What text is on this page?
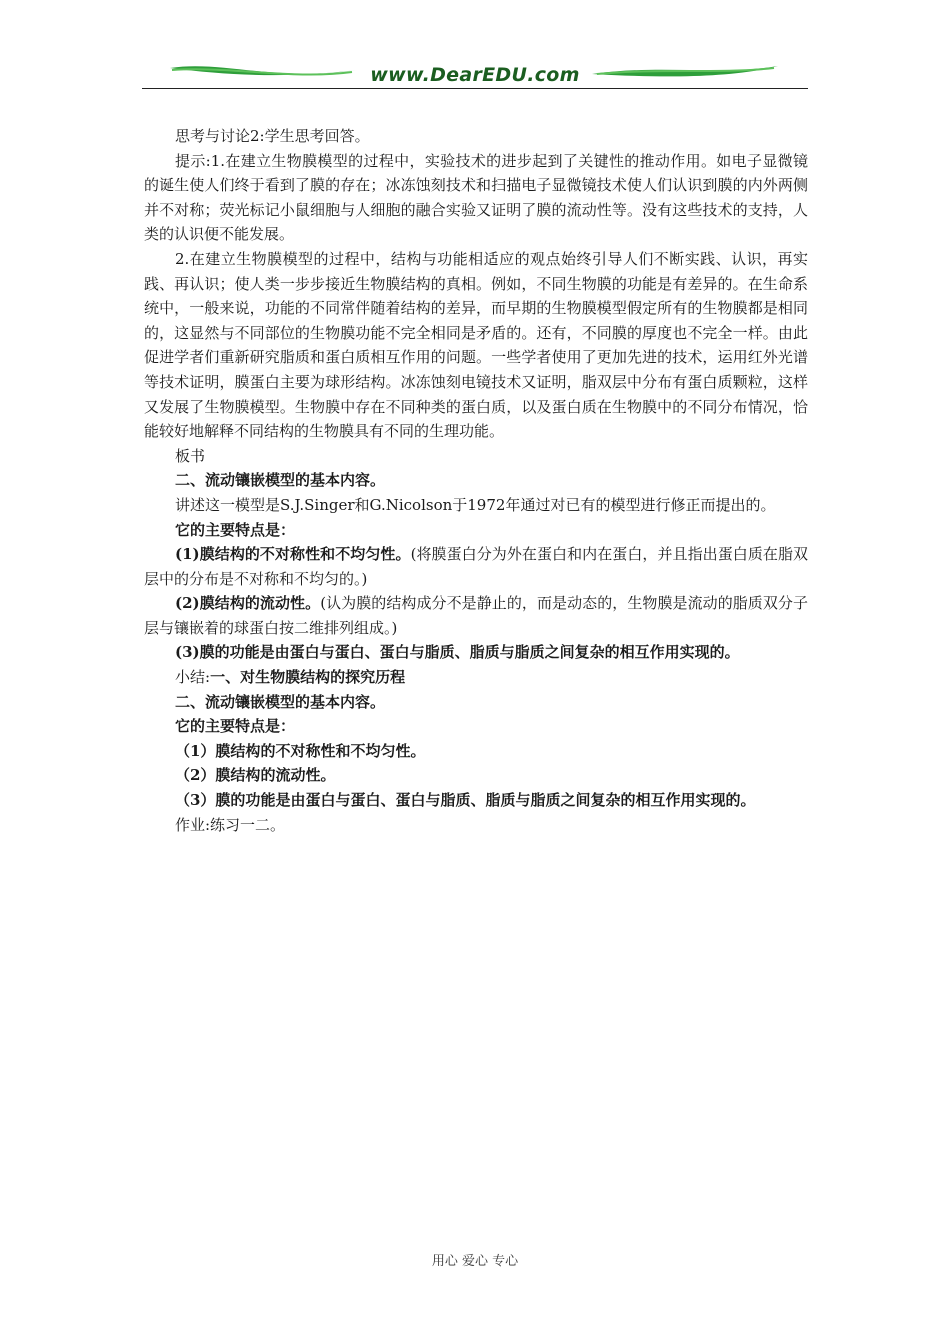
www.DearEDU.com

思考与讨论2:学生思考回答。

提示:1.在建立生物膜模型的过程中，实验技术的进步起到了关键性的推动作用。如电子显微镜的诞生使人们终于看到了膜的存在；冰冻蚀刻技术和扫描电子显微镜技术使人们认识到膜的内外两侧并不对称；荧光标记小鼠细胞与人细胞的融合实验又证明了膜的流动性等。没有这些技术的支持，人类的认识便不能发展。

2.在建立生物膜模型的过程中，结构与功能相适应的观点始终引导人们不断实践、认识，再实践、再认识；使人类一步步接近生物膜结构的真相。例如，不同生物膜的功能是有差异的。在生命系统中，一般来说，功能的不同常伴随着结构的差异，而早期的生物膜模型假定所有的生物膜都是相同的，这显然与不同部位的生物膜功能不完全相同是矛盾的。还有，不同膜的厚度也不完全一样。由此促进学者们重新研究脂质和蛋白质相互作用的问题。一些学者使用了更加先进的技术，运用红外光谱等技术证明，膜蛋白主要为球形结构。冰冻蚀刻电镜技术又证明，脂双层中分布有蛋白质颗粒，这样又发展了生物膜模型。生物膜中存在不同种类的蛋白质，以及蛋白质在生物膜中的不同分布情况，恰能较好地解释不同结构的生物膜具有不同的生理功能。

板书

二、流动镶嵌模型的基本内容。

讲述这一模型是S.J.Singer和G.Nicolson于1972年通过对已有的模型进行修正而提出的。

它的主要特点是：

(1)膜结构的不对称性和不均匀性。(将膜蛋白分为外在蛋白和内在蛋白，并且指出蛋白质在脂双层中的分布是不对称和不均匀的。)

(2)膜结构的流动性。(认为膜的结构成分不是静止的，而是动态的，生物膜是流动的脂质双分子层与镶嵌着的球蛋白按二维排列组成。)

(3)膜的功能是由蛋白与蛋白、蛋白与脂质、脂质与脂质之间复杂的相互作用实现的。

小结:一、对生物膜结构的探究历程

二、流动镶嵌模型的基本内容。

它的主要特点是：

（1）膜结构的不对称性和不均匀性。

（2）膜结构的流动性。

（3）膜的功能是由蛋白与蛋白、蛋白与脂质、脂质与脂质之间复杂的相互作用实现的。

作业:练习一二。

用心 爱心 专心
